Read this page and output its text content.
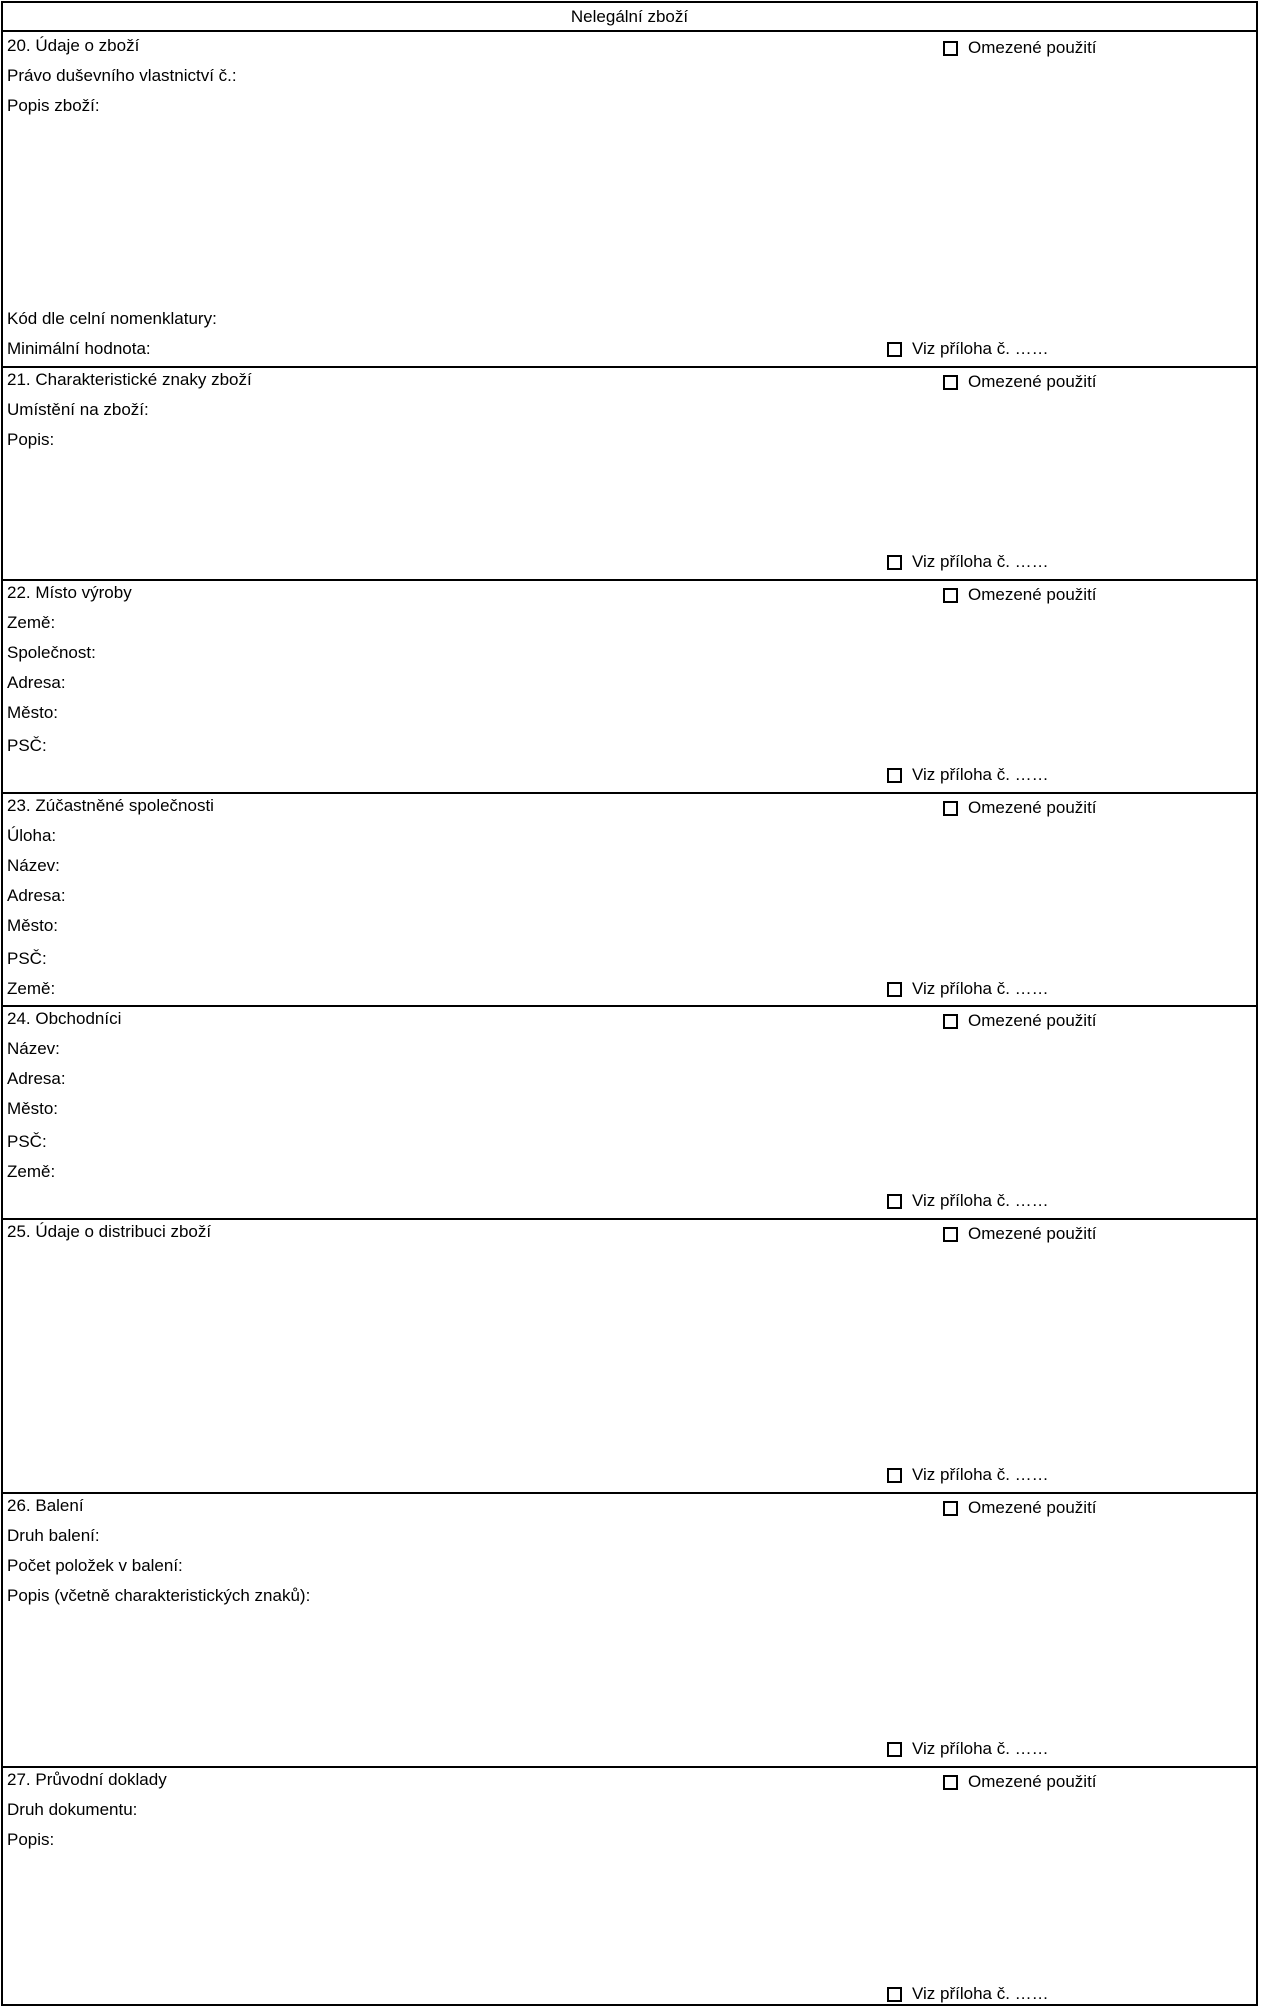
Nelegální zboží
20. Údaje o zboží
Právo duševního vlastnictví č.:
Popis zboží:
Kód dle celní nomenklatury:
Minimální hodnota:
Omezené použití
Viz příloha č. ……
21. Charakteristické znaky zboží
Umístění na zboží:
Popis:
Omezené použití
Viz příloha č. ……
22. Místo výroby
Země:
Společnost:
Adresa:
Město:
PSČ:
Omezené použití
Viz příloha č. ……
23. Zúčastněné společnosti
Úloha:
Název:
Adresa:
Město:
PSČ:
Země:
Omezené použití
Viz příloha č. ……
24. Obchodníci
Název:
Adresa:
Město:
PSČ:
Země:
Omezené použití
Viz příloha č. ……
25. Údaje o distribuci zboží	Omezené použití
Viz příloha č. ……
26. Balení
Druh balení:
Počet položek v balení:
Popis (včetně charakteristických znaků):
Omezené použití
Viz příloha č. ……
27. Průvodní doklady
Druh dokumentu:
Popis:
Omezené použití
Viz příloha č. ……
